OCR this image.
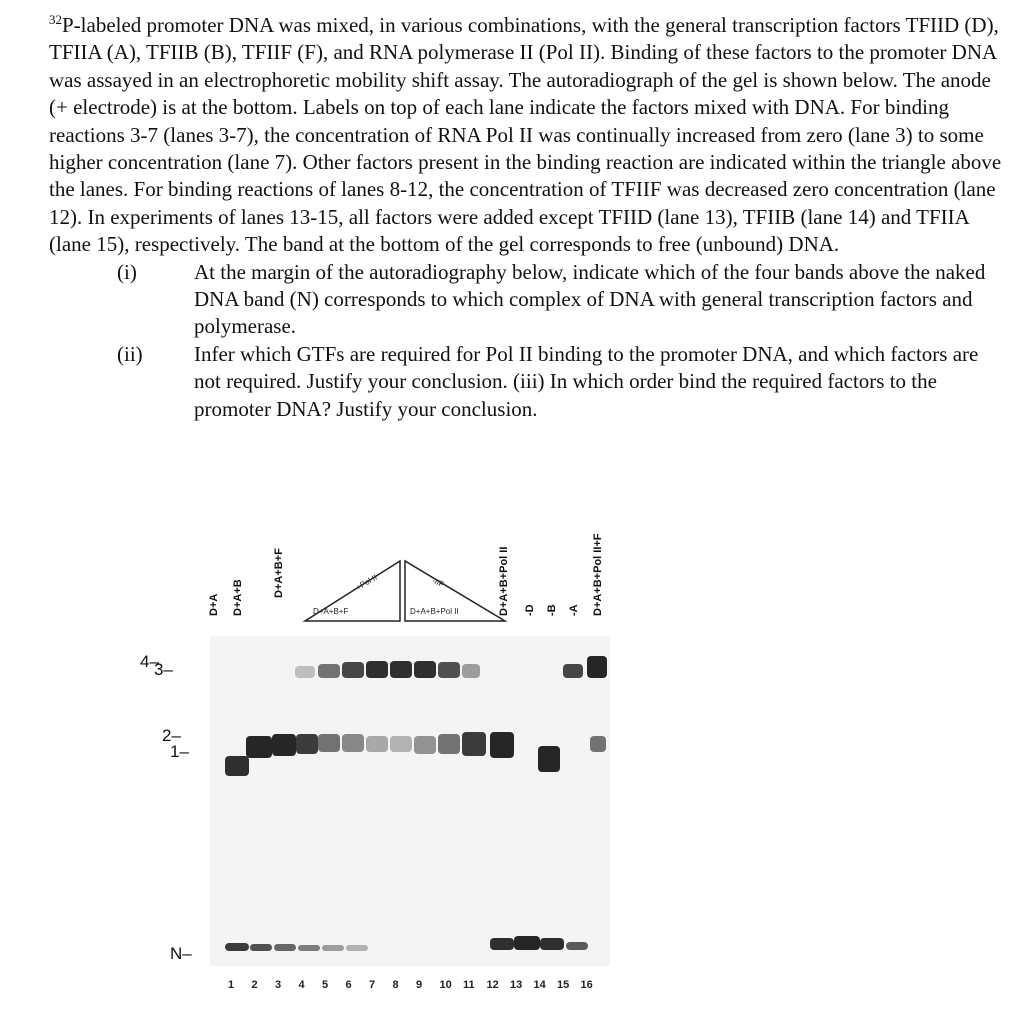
$^{32}$P-labeled promoter DNA was mixed, in various combinations, with the general transcription factors TFIID (D), TFIIA (A), TFIIB (B), TFIIF (F), and RNA polymerase II (Pol II). Binding of these factors to the promoter DNA was assayed in an electrophoretic mobility shift assay. The autoradiograph of the gel is shown below. The anode (+ electrode) is at the bottom. Labels on top of each lane indicate the factors mixed with DNA. For binding reactions 3-7 (lanes 3-7), the concentration of RNA Pol II was continually increased from zero (lane 3) to some higher concentration (lane 7). Other factors present in the binding reaction are indicated within the triangle above the lanes. For binding reactions of lanes 8-12, the concentration of TFIIF was decreased zero concentration (lane 12). In experiments of lanes 13-15, all factors were added except TFIID (lane 13), TFIIB (lane 14) and TFIIA (lane 15), respectively. The band at the bottom of the gel corresponds to free (unbound) DNA.

(i)	At the margin of the autoradiography below, indicate which of the four bands above the naked DNA band (N) corresponds to which complex of DNA with general transcription factors and polymerase.

(ii) Infer which GTFs are required for Pol II binding to the promoter DNA, and which factors are not required. Justify your conclusion. (iii) In which order bind the required factors to the promoter DNA? Justify your conclusion.

D+A D+A+B	D+A+B+F	D+A+B+Pol II -D -B -A D+A+B+Pol II+F
+Pol II
D+A+B+F
-IIF
D+A+B+Pol II
4–
3–
2–
1–
N–
1 2 3 4 5 6 7 8 9 10 11 12 13 14 15 16
